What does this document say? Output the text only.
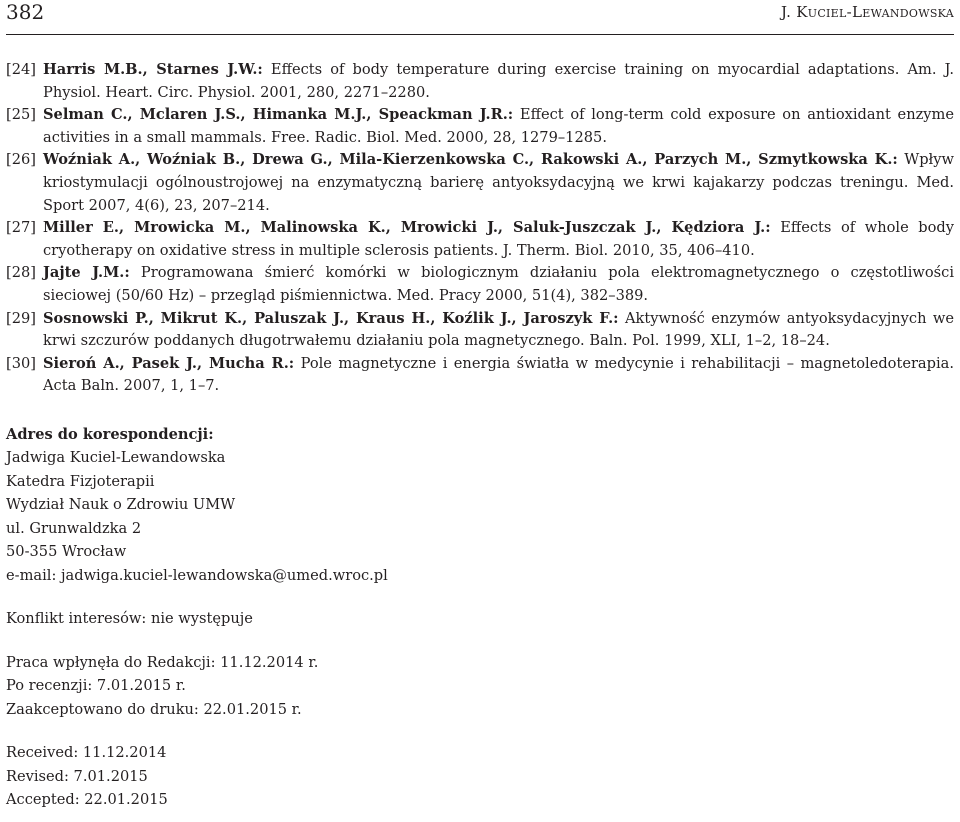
382	J. Kuciel-Lewandowska
[24] Harris M.B., Starnes J.W.: Effects of body temperature during exercise training on myocardial adaptations. Am. J. Physiol. Heart. Circ. Physiol. 2001, 280, 2271–2280.
[25] Selman C., Mclaren J.S., Himanka M.J., Speackman J.R.: Effect of long-term cold exposure on antioxidant enzyme activities in a small mammals. Free. Radic. Biol. Med. 2000, 28, 1279–1285.
[26] Woźniak A., Woźniak B., Drewa G., Mila-Kierzenkowska C., Rakowski A., Parzych M., Szmytkowska K.: Wpływ kriostymulacji ogólnoustrojowej na enzymatyczną barierę antyoksydacyjną we krwi kajakarzy podczas treningu. Med. Sport 2007, 4(6), 23, 207–214.
[27] Miller E., Mrowicka M., Malinowska K., Mrowicki J., Saluk-Juszczak J., Kędziora J.: Effects of whole body cryotherapy on oxidative stress in multiple sclerosis patients. J. Therm. Biol. 2010, 35, 406–410.
[28] Jajte J.M.: Programowana śmierć komórki w biologicznym działaniu pola elektromagnetycznego o częstotliwości sieciowej (50/60 Hz) – przegląd piśmiennictwa. Med. Pracy 2000, 51(4), 382–389.
[29] Sosnowski P., Mikrut K., Paluszak J., Kraus H., Koźlik J., Jaroszyk F.: Aktywność enzymów antyoksydacyjnych we krwi szczurów poddanych długotrwałemu działaniu pola magnetycznego. Baln. Pol. 1999, XLI, 1–2, 18–24.
[30] Sieroń A., Pasek J., Mucha R.: Pole magnetyczne i energia światła w medycynie i rehabilitacji – magnetoledoterapia. Acta Baln. 2007, 1, 1–7.
Adres do korespondencji:
Jadwiga Kuciel-Lewandowska
Katedra Fizjoterapii
Wydział Nauk o Zdrowiu UMW
ul. Grunwaldzka 2
50-355 Wrocław
e-mail: jadwiga.kuciel-lewandowska@umed.wroc.pl
Konflikt interesów: nie występuje
Praca wpłynęła do Redakcji: 11.12.2014 r.
Po recenzji: 7.01.2015 r.
Zaakceptowano do druku: 22.01.2015 r.
Received: 11.12.2014
Revised: 7.01.2015
Accepted: 22.01.2015
